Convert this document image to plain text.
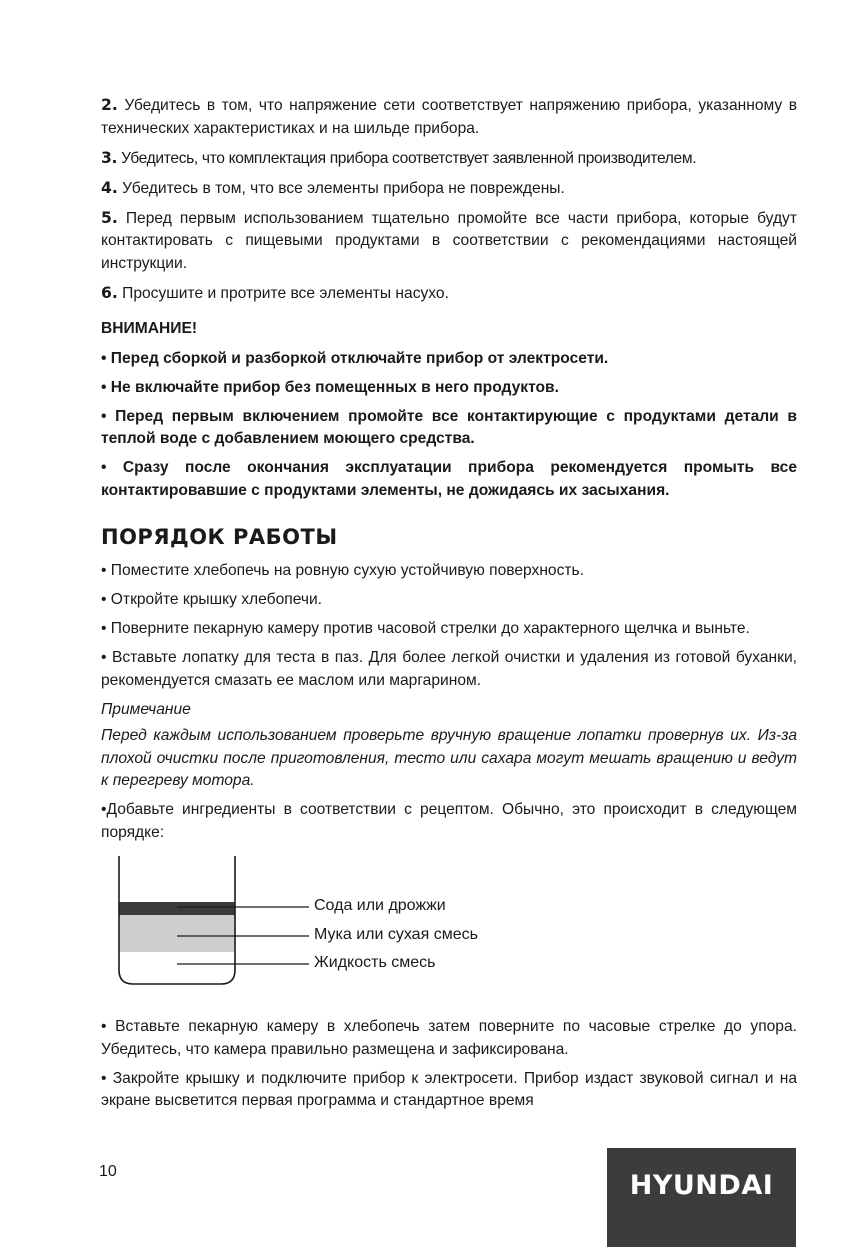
2. Убедитесь в том, что напряжение сети соответствует напряжению прибора, указанному в технических характеристиках и на шильде прибора.

3. Убедитесь, что комплектация прибора соответствует заявленной производителем.

4. Убедитесь в том, что все элементы прибора не повреждены.

5. Перед первым использованием тщательно промойте все части прибора, которые будут контактировать с пищевыми продуктами в соответствии с рекомендациями настоящей инструкции.

6. Просушите и протрите все элементы насухо.

ВНИМАНИЕ!

• Перед сборкой и разборкой отключайте прибор от электросети.

• Не включайте прибор без помещенных в него продуктов.

• Перед первым включением промойте все контактирующие с продуктами детали в теплой воде с добавлением моющего средства.

• Сразу после окончания эксплуатации прибора рекомендуется промыть все контактировавшие с продуктами элементы, не дожидаясь их засыхания.

ПОРЯДОК РАБОТЫ

• Поместите хлебопечь на ровную сухую устойчивую поверхность.

• Откройте крышку хлебопечи.

• Поверните пекарную камеру против часовой стрелки до характерного щелчка и выньте.

• Вставьте лопатку для теста в паз. Для более легкой очистки и удаления из готовой буханки, рекомендуется смазать ее маслом или маргарином.

Примечание

Перед каждым использованием проверьте вручную вращение лопатки провернув их. Из-за плохой очистки после приготовления, тесто или сахара могут мешать вращению и ведут к перегреву мотора.

•Добавьте ингредиенты в соответствии с рецептом. Обычно, это происходит в следующем порядке:

Сода или дрожжи
Мука или сухая смесь
Жидкость смесь

• Вставьте пекарную камеру в хлебопечь затем поверните по часовые стрелке до упора. Убедитесь, что камера правильно размещена и зафиксирована.

• Закройте крышку и подключите прибор к электросети. Прибор издаст звуковой сигнал и на экране высветится первая программа и стандартное время

10	HYUNDAI
